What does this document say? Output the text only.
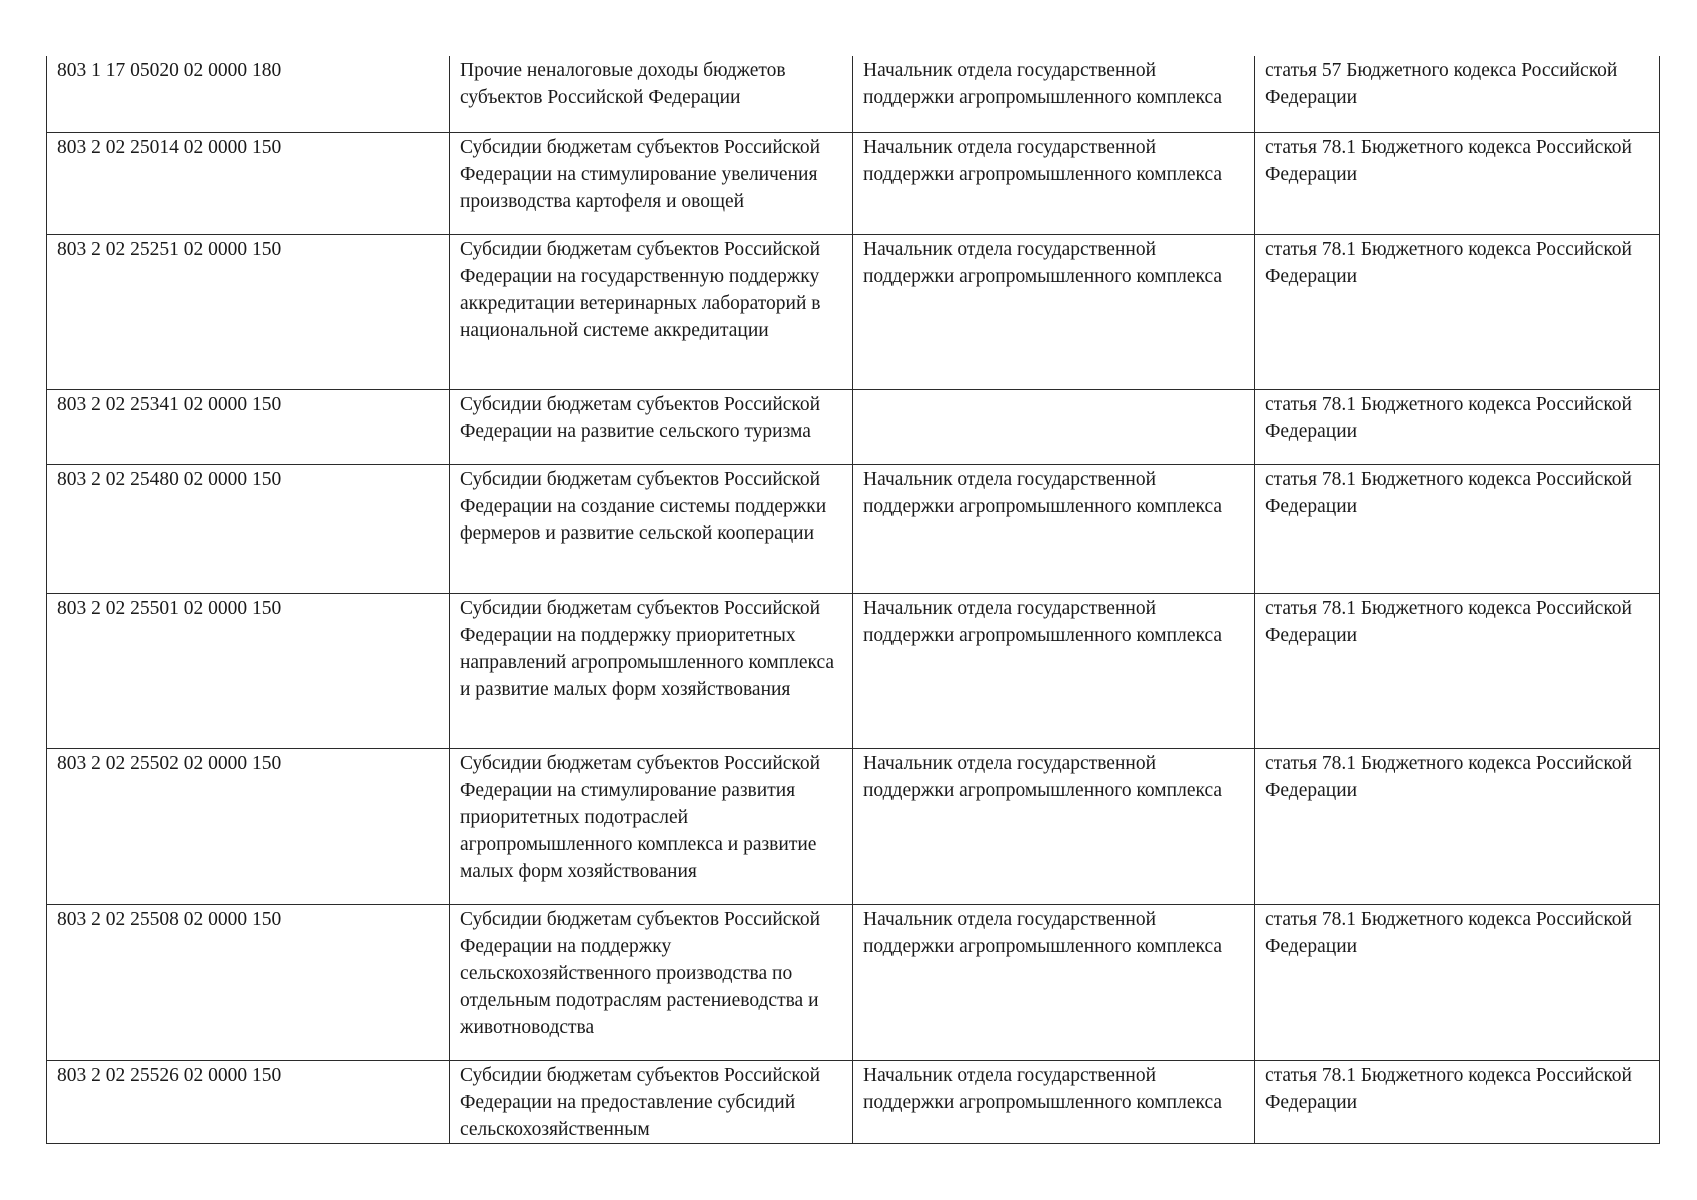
803 1 17 05020 02 0000 180	Прочие неналоговые доходы бюджетов субъектов Российской Федерации	Начальник отдела государственной поддержки агропромышленного комплекса	статья 57 Бюджетного кодекса Российской Федерации
803 2 02 25014 02 0000 150	Субсидии бюджетам субъектов Российской Федерации на стимулирование увеличения производства картофеля и овощей	Начальник отдела государственной поддержки агропромышленного комплекса	статья 78.1 Бюджетного кодекса Российской Федерации
803 2 02 25251 02 0000 150	Субсидии бюджетам субъектов Российской Федерации на государственную поддержку аккредитации ветеринарных лабораторий в национальной системе аккредитации	Начальник отдела государственной поддержки агропромышленного комплекса	статья 78.1 Бюджетного кодекса Российской Федерации
803 2 02 25341 02 0000 150	Субсидии бюджетам субъектов Российской Федерации на развитие сельского туризма		статья 78.1 Бюджетного кодекса Российской Федерации
803 2 02 25480 02 0000 150	Субсидии бюджетам субъектов Российской Федерации на создание системы поддержки фермеров и развитие сельской кооперации	Начальник отдела государственной поддержки агропромышленного комплекса	статья 78.1 Бюджетного кодекса Российской Федерации
803 2 02 25501 02 0000 150	Субсидии бюджетам субъектов Российской Федерации на поддержку приоритетных направлений агропромышленного комплекса и развитие малых форм хозяйствования	Начальник отдела государственной поддержки агропромышленного комплекса	статья 78.1 Бюджетного кодекса Российской Федерации
803 2 02 25502 02 0000 150	Субсидии бюджетам субъектов Российской Федерации на стимулирование развития приоритетных подотраслей агропромышленного комплекса и развитие малых форм хозяйствования	Начальник отдела государственной поддержки агропромышленного комплекса	статья 78.1 Бюджетного кодекса Российской Федерации
803 2 02 25508 02 0000 150	Субсидии бюджетам субъектов Российской Федерации на поддержку сельскохозяйственного производства по отдельным подотраслям растениеводства и животноводства	Начальник отдела государственной поддержки агропромышленного комплекса	статья 78.1 Бюджетного кодекса Российской Федерации
803 2 02 25526 02 0000 150	Субсидии бюджетам субъектов Российской Федерации на предоставление субсидий сельскохозяйственным	Начальник отдела государственной поддержки агропромышленного комплекса	статья 78.1 Бюджетного кодекса Российской Федерации
